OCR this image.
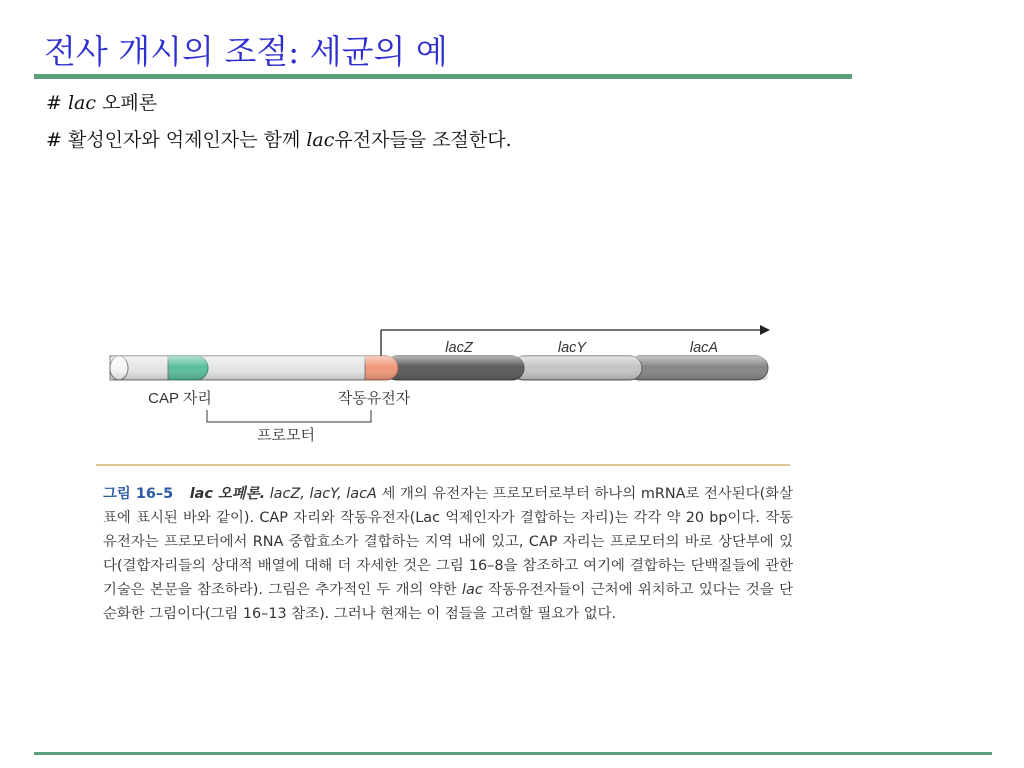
전사 개시의 조절: 세균의 예
# lac 오페론
# 활성인자와 억제인자는 함께 lac유전자들을 조절한다.
lacZ	lacY	lacA
CAP 자리	작동유전자
프로모터

그림 16–5 lac 오페론. lacZ, lacY, lacA 세 개의 유전자는 프로모터로부터 하나의 mRNA로 전사된다(화살표에 표시된 바와 같이). CAP 자리와 작동유전자(Lac 억제인자가 결합하는 자리)는 각각 약 20 bp이다. 작동유전자는 프로모터에서 RNA 중합효소가 결합하는 지역 내에 있고, CAP 자리는 프로모터의 바로 상단부에 있다(결합자리들의 상대적 배열에 대해 더 자세한 것은 그림 16–8을 참조하고 여기에 결합하는 단백질들에 관한 기술은 본문을 참조하라). 그림은 추가적인 두 개의 약한 lac 작동유전자들이 근처에 위치하고 있다는 것을 단순화한 그림이다(그림 16–13 참조). 그러나 현재는 이 점들을 고려할 필요가 없다.
